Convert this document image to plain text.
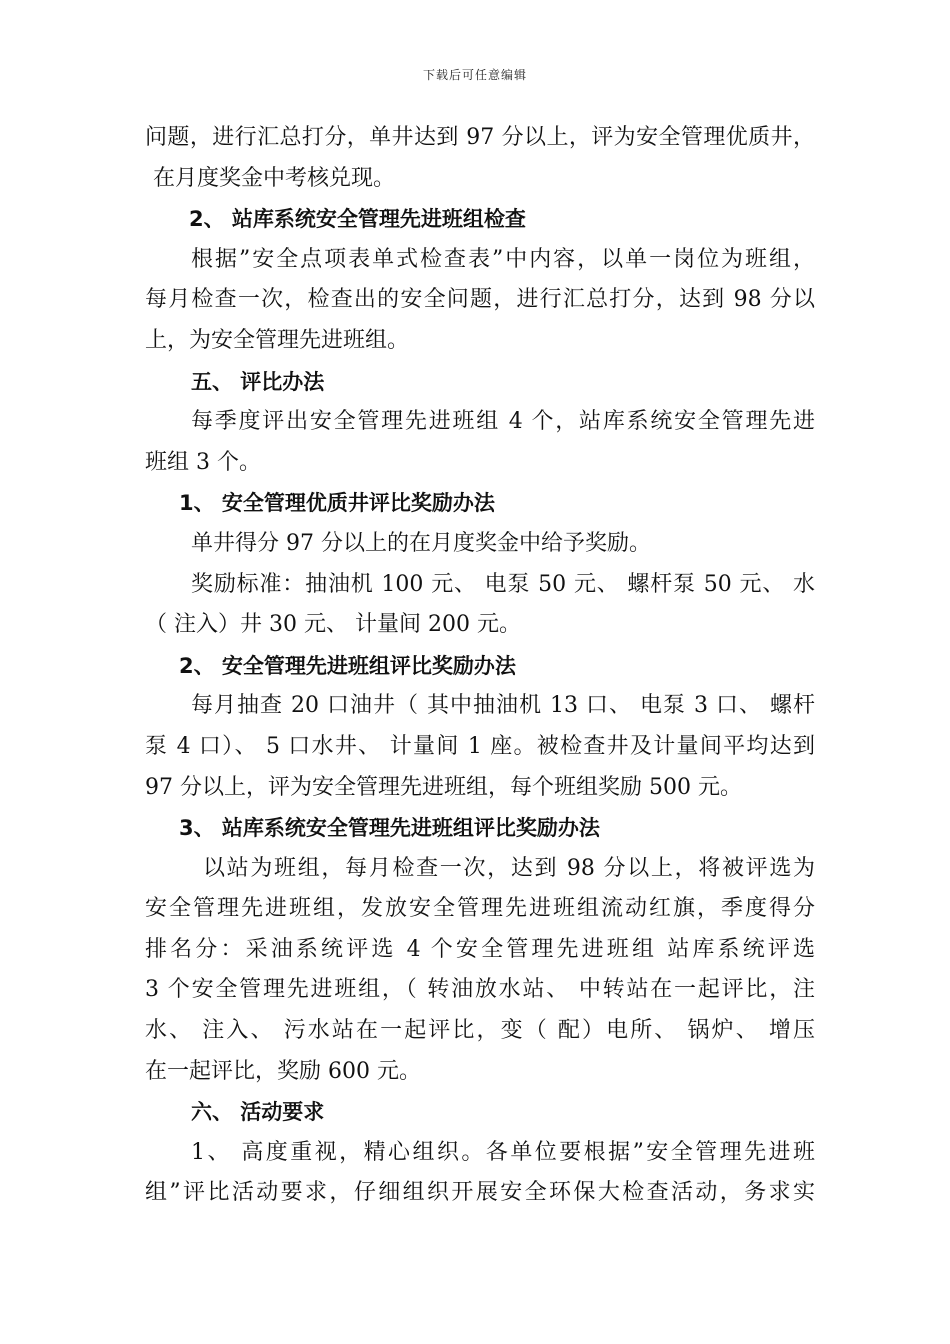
下载后可任意编辑
问题，进行汇总打分，单井达到 97 分以上，评为安全管理优质井，
在月度奖金中考核兑现。
2、 站库系统安全管理先进班组检查
根据”安全点项表单式检查表”中内容，以单一岗位为班组，
每月检查一次，检查出的安全问题，进行汇总打分，达到 98 分以
上，为安全管理先进班组。
五、 评比办法
每季度评出安全管理先进班组 4 个，站库系统安全管理先进
班组 3 个。
1、 安全管理优质井评比奖励办法
单井得分 97 分以上的在月度奖金中给予奖励。
奖励标准：抽油机 100 元、 电泵 50 元、 螺杆泵 50 元、 水
（ 注入）井 30 元、 计量间 200 元。
2、 安全管理先进班组评比奖励办法
每月抽查 20 口油井（ 其中抽油机 13 口、 电泵 3 口、 螺杆
泵 4 口）、 5 口水井、 计量间 1 座。被检查井及计量间平均达到
97 分以上，评为安全管理先进班组，每个班组奖励 500 元。
3、 站库系统安全管理先进班组评比奖励办法
以站为班组，每月检查一次，达到 98 分以上，将被评选为
安全管理先进班组，发放安全管理先进班组流动红旗，季度得分
排名分：采油系统评选 4 个安全管理先进班组 站库系统评选
3 个安全管理先进班组，（ 转油放水站、 中转站在一起评比，注
水、 注入、 污水站在一起评比，变（ 配）电所、 锅炉、 增压
在一起评比，奖励 600 元。
六、 活动要求
1、 高度重视，精心组织。各单位要根据”安全管理先进班
组”评比活动要求，仔细组织开展安全环保大检查活动，务求实
